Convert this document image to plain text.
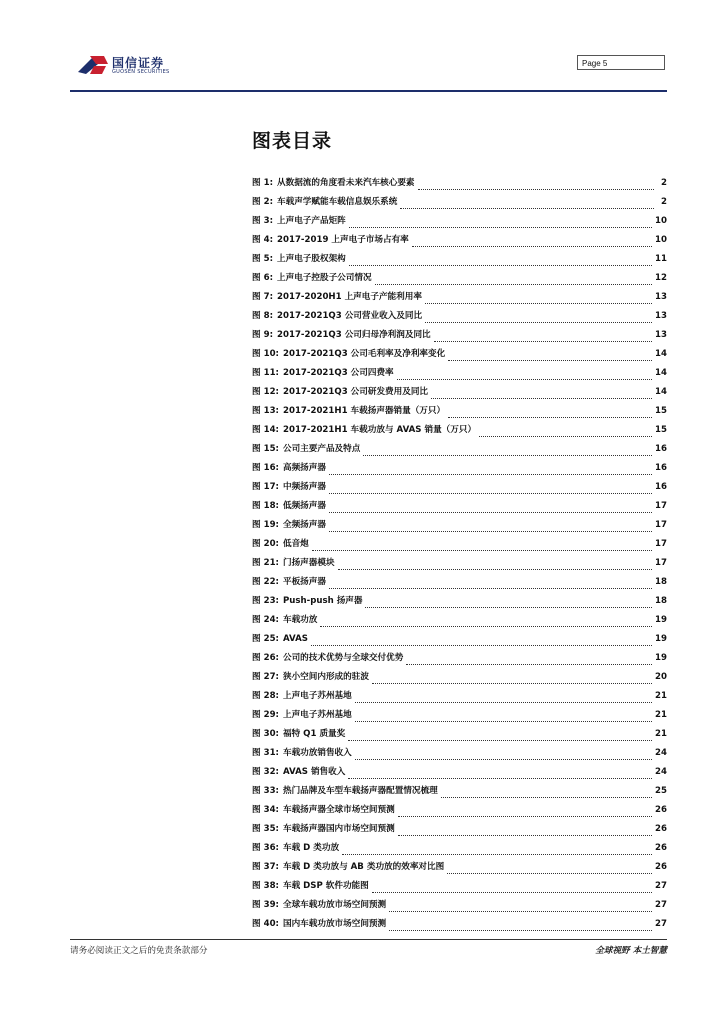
国信证券
GUOSEN SECURITIES
Page 5
图表目录
图 1: 从数据流的角度看未来汽车核心要素	2
图 2: 车载声学赋能车载信息娱乐系统	2
图 3: 上声电子产品矩阵	10
图 4: 2017-2019 上声电子市场占有率	10
图 5: 上声电子股权架构	11
图 6: 上声电子控股子公司情况	12
图 7: 2017-2020H1 上声电子产能利用率	13
图 8: 2017-2021Q3 公司营业收入及同比	13
图 9: 2017-2021Q3 公司归母净利润及同比	13
图 10: 2017-2021Q3 公司毛利率及净利率变化	14
图 11: 2017-2021Q3 公司四费率	14
图 12: 2017-2021Q3 公司研发费用及同比	14
图 13: 2017-2021H1 车载扬声器销量（万只）	15
图 14: 2017-2021H1 车载功放与 AVAS 销量（万只）	15
图 15: 公司主要产品及特点	16
图 16: 高频扬声器	16
图 17: 中频扬声器	16
图 18: 低频扬声器	17
图 19: 全频扬声器	17
图 20: 低音炮	17
图 21: 门扬声器模块	17
图 22: 平板扬声器	18
图 23: Push-push 扬声器	18
图 24: 车载功放	19
图 25: AVAS	19
图 26: 公司的技术优势与全球交付优势	19
图 27: 狭小空间内形成的驻波	20
图 28: 上声电子苏州基地	21
图 29: 上声电子苏州基地	21
图 30: 福特 Q1 质量奖	21
图 31: 车载功放销售收入	24
图 32: AVAS 销售收入	24
图 33: 热门品牌及车型车载扬声器配置情况梳理	25
图 34: 车载扬声器全球市场空间预测	26
图 35: 车载扬声器国内市场空间预测	26
图 36: 车载 D 类功放	26
图 37: 车载 D 类功放与 AB 类功放的效率对比图	26
图 38: 车载 DSP 软件功能图	27
图 39: 全球车载功放市场空间预测	27
图 40: 国内车载功放市场空间预测	27
请务必阅读正文之后的免责条款部分	全球视野 本土智慧
